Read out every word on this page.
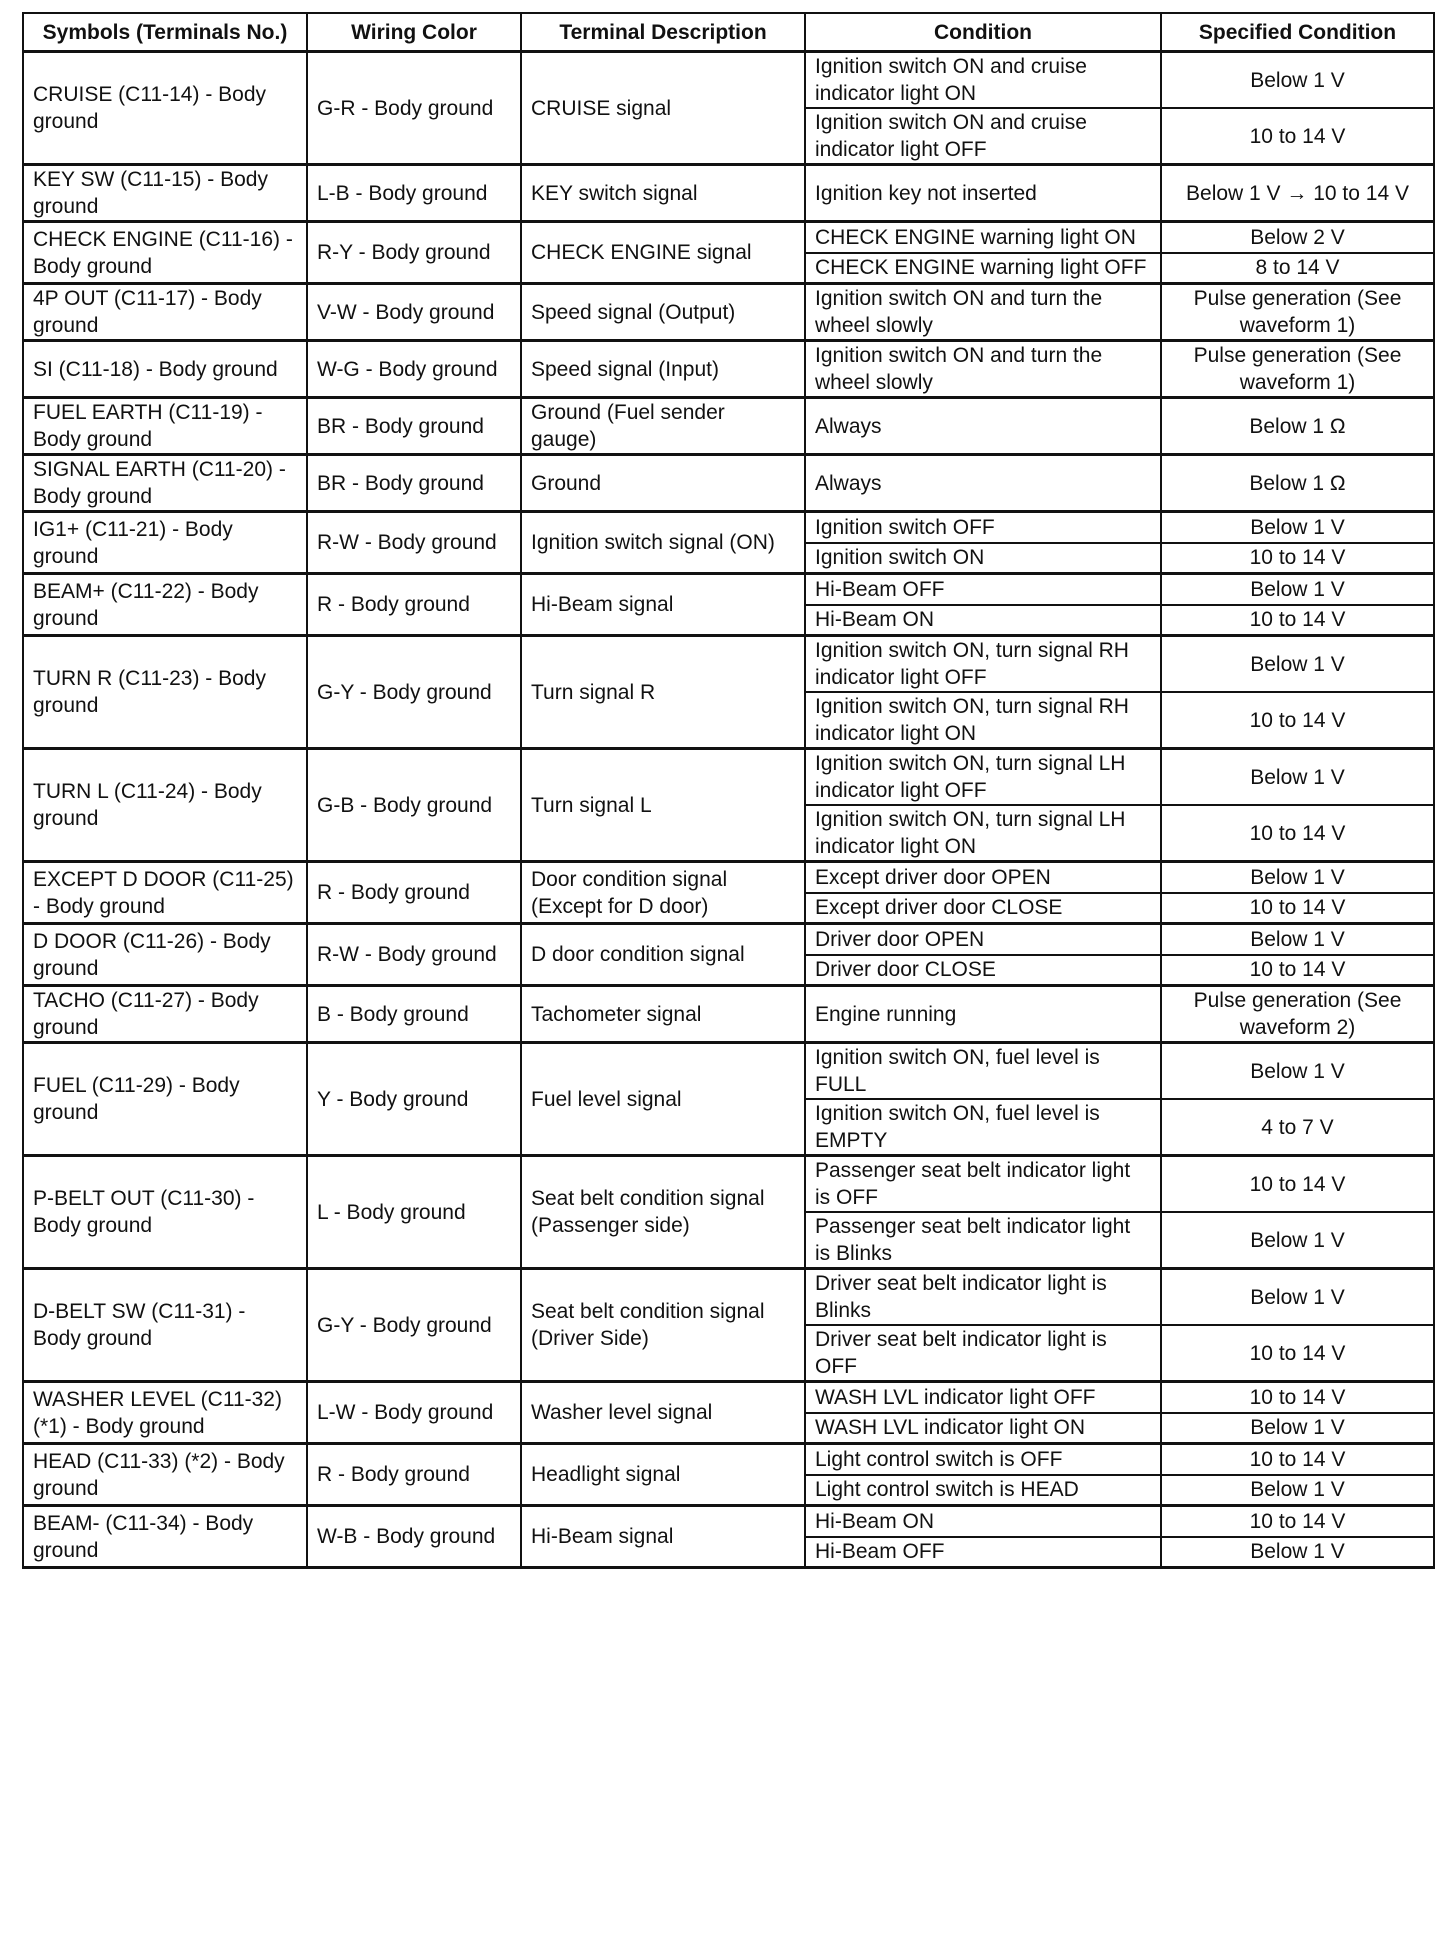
Symbols (Terminals No.)	Wiring Color	Terminal Description	Condition	Specified Condition
CRUISE (C11-14) - Body ground	G-R - Body ground	CRUISE signal	Ignition switch ON and cruise indicator light ON	Below 1 V
			Ignition switch ON and cruise indicator light OFF	10 to 14 V
KEY SW (C11-15) - Body ground	L-B - Body ground	KEY switch signal	Ignition key not inserted	Below 1 V → 10 to 14 V
CHECK ENGINE (C11-16) - Body ground	R-Y - Body ground	CHECK ENGINE signal	CHECK ENGINE warning light ON	Below 2 V
			CHECK ENGINE warning light OFF	8 to 14 V
4P OUT (C11-17) - Body ground	V-W - Body ground	Speed signal (Output)	Ignition switch ON and turn the wheel slowly	Pulse generation (See waveform 1)
SI (C11-18) - Body ground	W-G - Body ground	Speed signal (Input)	Ignition switch ON and turn the wheel slowly	Pulse generation (See waveform 1)
FUEL EARTH (C11-19) - Body ground	BR - Body ground	Ground (Fuel sender gauge)	Always	Below 1 Ω
SIGNAL EARTH (C11-20) - Body ground	BR - Body ground	Ground	Always	Below 1 Ω
IG1+ (C11-21) - Body ground	R-W - Body ground	Ignition switch signal (ON)	Ignition switch OFF	Below 1 V
			Ignition switch ON	10 to 14 V
BEAM+ (C11-22) - Body ground	R - Body ground	Hi-Beam signal	Hi-Beam OFF	Below 1 V
			Hi-Beam ON	10 to 14 V
TURN R (C11-23) - Body ground	G-Y - Body ground	Turn signal R	Ignition switch ON, turn signal RH indicator light OFF	Below 1 V
			Ignition switch ON, turn signal RH indicator light ON	10 to 14 V
TURN L (C11-24) - Body ground	G-B - Body ground	Turn signal L	Ignition switch ON, turn signal LH indicator light OFF	Below 1 V
			Ignition switch ON, turn signal LH indicator light ON	10 to 14 V
EXCEPT D DOOR (C11-25) - Body ground	R - Body ground	Door condition signal (Except for D door)	Except driver door OPEN	Below 1 V
			Except driver door CLOSE	10 to 14 V
D DOOR (C11-26) - Body ground	R-W - Body ground	D door condition signal	Driver door OPEN	Below 1 V
			Driver door CLOSE	10 to 14 V
TACHO (C11-27) - Body ground	B - Body ground	Tachometer signal	Engine running	Pulse generation (See waveform 2)
FUEL (C11-29) - Body ground	Y - Body ground	Fuel level signal	Ignition switch ON, fuel level is FULL	Below 1 V
			Ignition switch ON, fuel level is EMPTY	4 to 7 V
P-BELT OUT (C11-30) - Body ground	L - Body ground	Seat belt condition signal (Passenger side)	Passenger seat belt indicator light is OFF	10 to 14 V
			Passenger seat belt indicator light is Blinks	Below 1 V
D-BELT SW (C11-31) - Body ground	G-Y - Body ground	Seat belt condition signal (Driver Side)	Driver seat belt indicator light is Blinks	Below 1 V
			Driver seat belt indicator light is OFF	10 to 14 V
WASHER LEVEL (C11-32) (*1) - Body ground	L-W - Body ground	Washer level signal	WASH LVL indicator light OFF	10 to 14 V
			WASH LVL indicator light ON	Below 1 V
HEAD (C11-33) (*2) - Body ground	R - Body ground	Headlight signal	Light control switch is OFF	10 to 14 V
			Light control switch is HEAD	Below 1 V
BEAM- (C11-34) - Body ground	W-B - Body ground	Hi-Beam signal	Hi-Beam ON	10 to 14 V
			Hi-Beam OFF	Below 1 V
